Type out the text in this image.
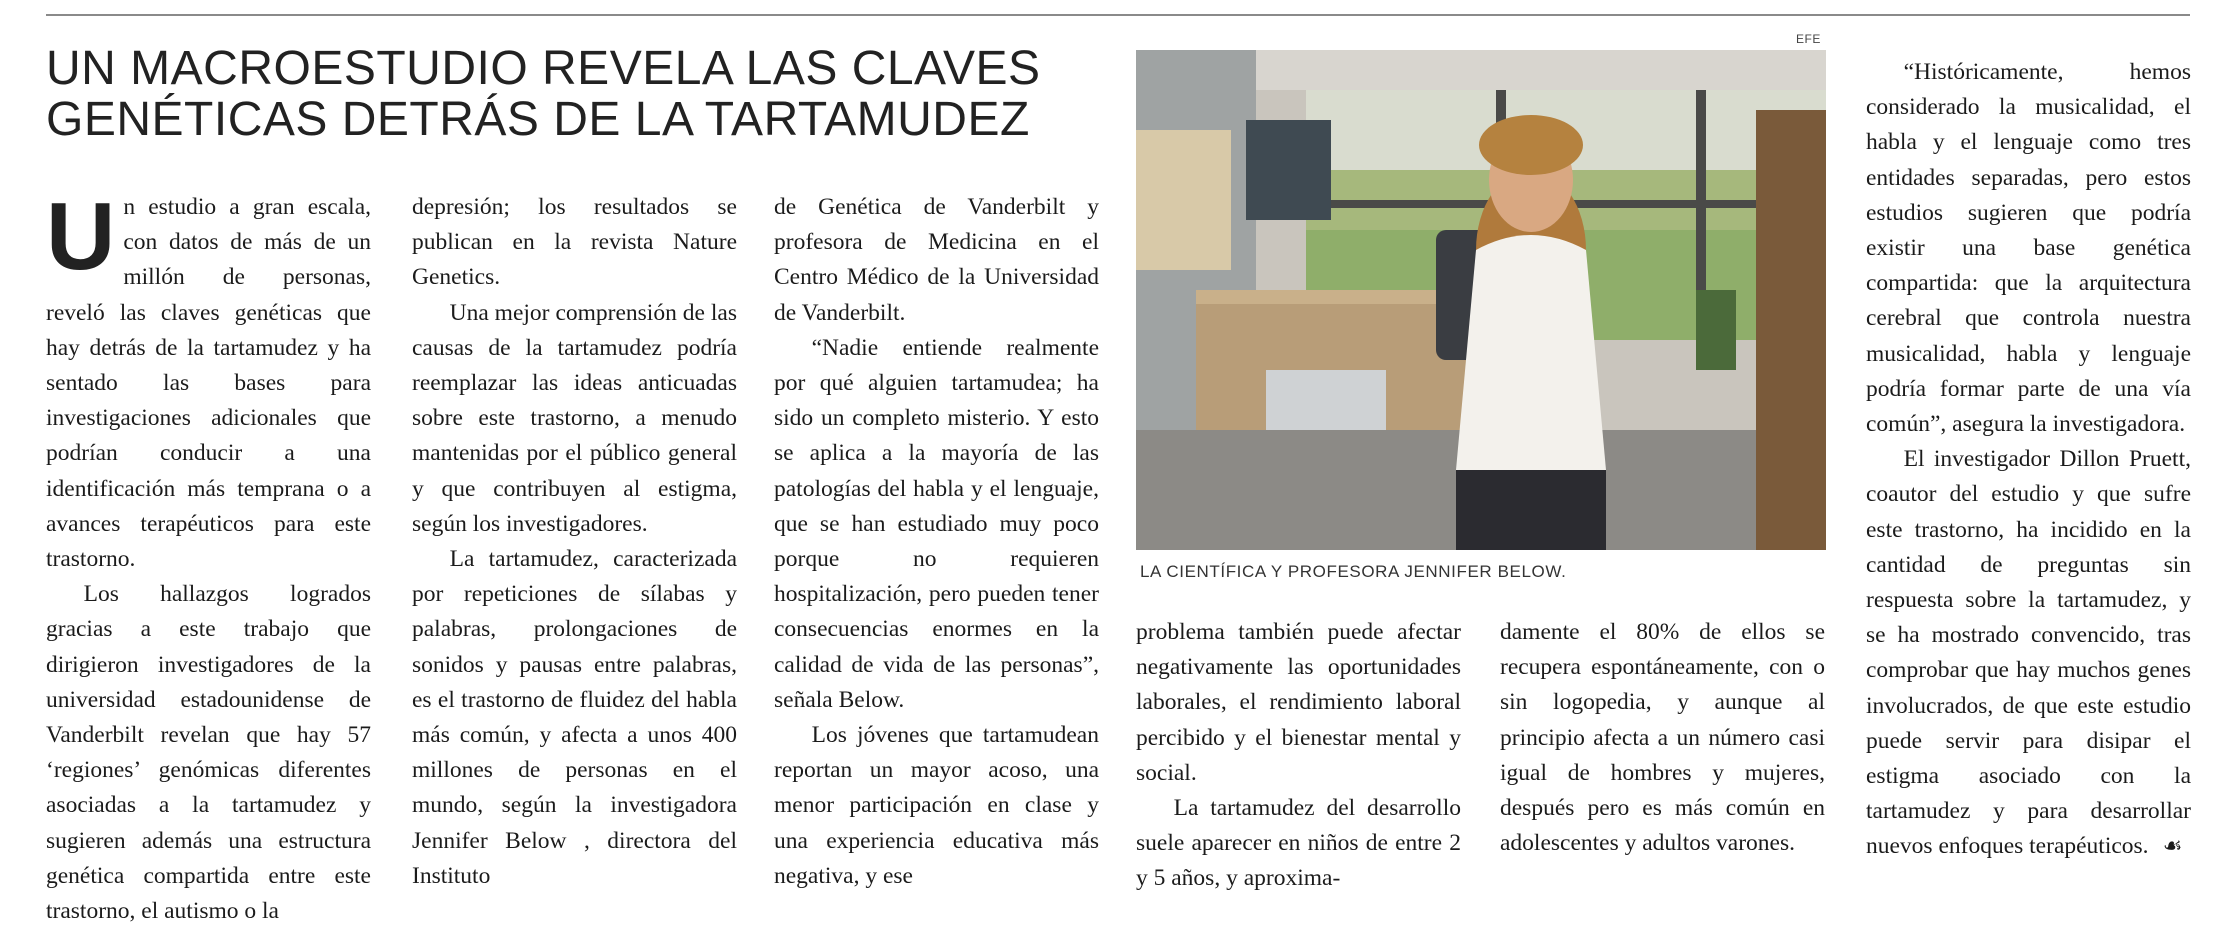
UN MACROESTUDIO REVELA LAS CLAVES GENÉTICAS DETRÁS DE LA TARTAMUDEZ

Un estudio a gran escala, con datos de más de un millón de personas, reveló las claves genéticas que hay detrás de la tartamudez y ha sentado las bases para investigaciones adicionales que podrían conducir a una identificación más temprana o a avances terapéuticos para este trastorno.

Los hallazgos logrados gracias a este trabajo que dirigieron investigadores de la universidad estadounidense de Vanderbilt revelan que hay 57 ‘regiones’ genómicas diferentes asociadas a la tartamudez y sugieren además una estructura genética compartida entre este trastorno, el autismo o la

depresión; los resultados se publican en la revista Nature Genetics.

Una mejor comprensión de las causas de la tartamudez podría reemplazar las ideas anticuadas sobre este trastorno, a menudo mantenidas por el público general y que contribuyen al estigma, según los investigadores.

La tartamudez, caracterizada por repeticiones de sílabas y palabras, prolongaciones de sonidos y pausas entre palabras, es el trastorno de fluidez del habla más común, y afecta a unos 400 millones de personas en el mundo, según la investigadora Jennifer Below , directora del Instituto

de Genética de Vanderbilt y profesora de Medicina en el Centro Médico de la Universidad de Vanderbilt.

“Nadie entiende realmente por qué alguien tartamudea; ha sido un completo misterio. Y esto se aplica a la mayoría de las patologías del habla y el lenguaje, que se han estudiado muy poco porque no requieren hospitalización, pero pueden tener consecuencias enormes en la calidad de vida de las personas”, señala Below.

Los jóvenes que tartamudean reportan un mayor acoso, una menor participación en clase y una experiencia educativa más negativa, y ese

EFE
LA CIENTÍFICA Y PROFESORA JENNIFER BELOW.

problema también puede afectar negativamente las oportunidades laborales, el rendimiento laboral percibido y el bienestar mental y social.

La tartamudez del desarrollo suele aparecer en niños de entre 2 y 5 años, y aproxima-

damente el 80% de ellos se recupera espontáneamente, con o sin logopedia, y aunque al principio afecta a un número casi igual de hombres y mujeres, después pero es más común en adolescentes y adultos varones.

“Históricamente, hemos considerado la musicalidad, el habla y el lenguaje como tres entidades separadas, pero estos estudios sugieren que podría existir una base genética compartida: que la arquitectura cerebral que controla nuestra musicalidad, habla y lenguaje podría formar parte de una vía común”, asegura la investigadora.

El investigador Dillon Pruett, coautor del estudio y que sufre este trastorno, ha incidido en la cantidad de preguntas sin respuesta sobre la tartamudez, y se ha mostrado convencido, tras comprobar que hay muchos genes involucrados, de que este estudio puede servir para disipar el estigma asociado con la tartamudez y para desarrollar nuevos enfoques terapéuticos. ☙
